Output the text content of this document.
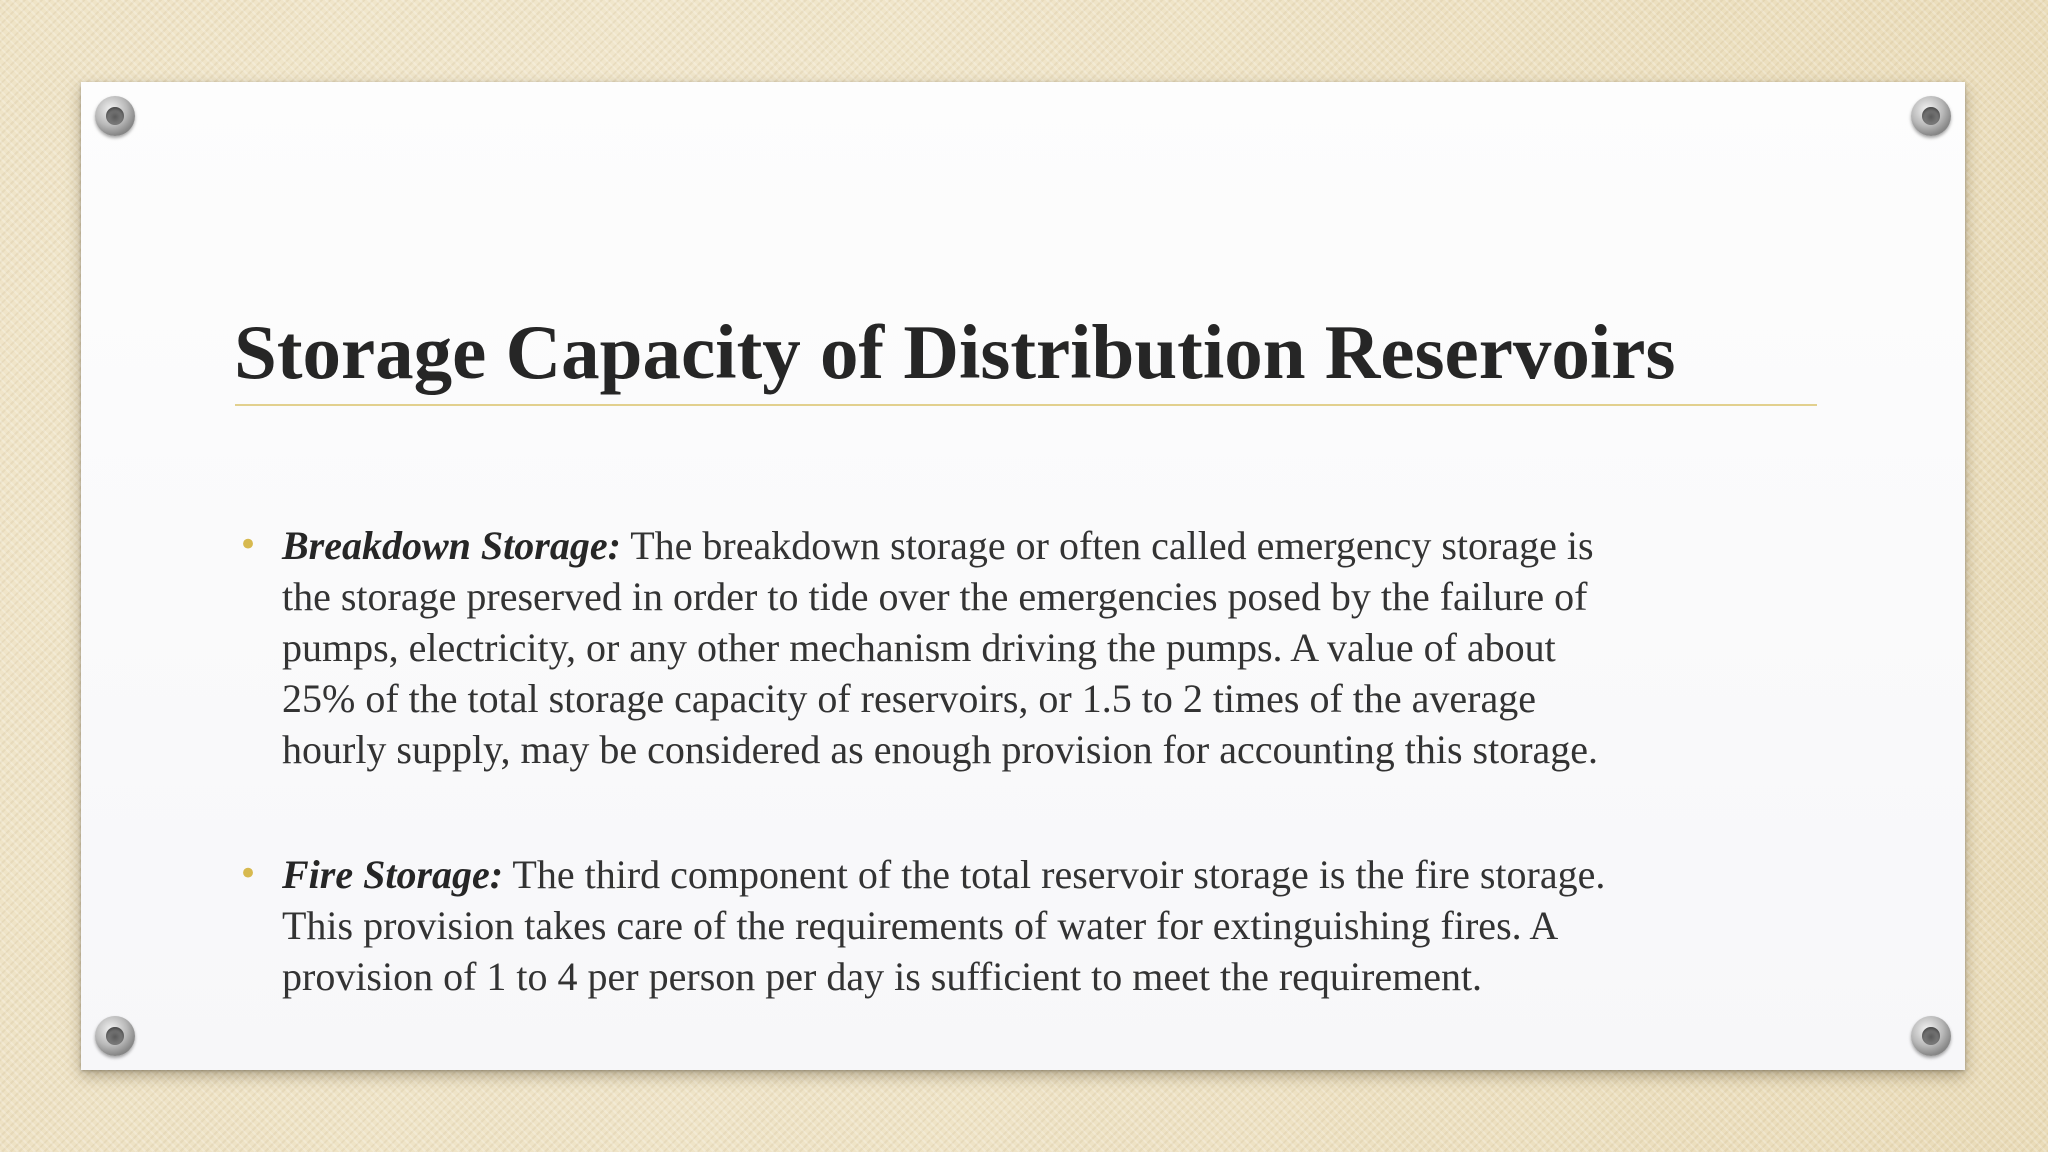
Storage Capacity of Distribution Reservoirs
• Breakdown Storage: The breakdown storage or often called emergency storage is
the storage preserved in order to tide over the emergencies posed by the failure of
pumps, electricity, or any other mechanism driving the pumps. A value of about
25% of the total storage capacity of reservoirs, or 1.5 to 2 times of the average
hourly supply, may be considered as enough provision for accounting this storage.
• Fire Storage: The third component of the total reservoir storage is the fire storage.
This provision takes care of the requirements of water for extinguishing fires. A
provision of 1 to 4 per person per day is sufficient to meet the requirement.
